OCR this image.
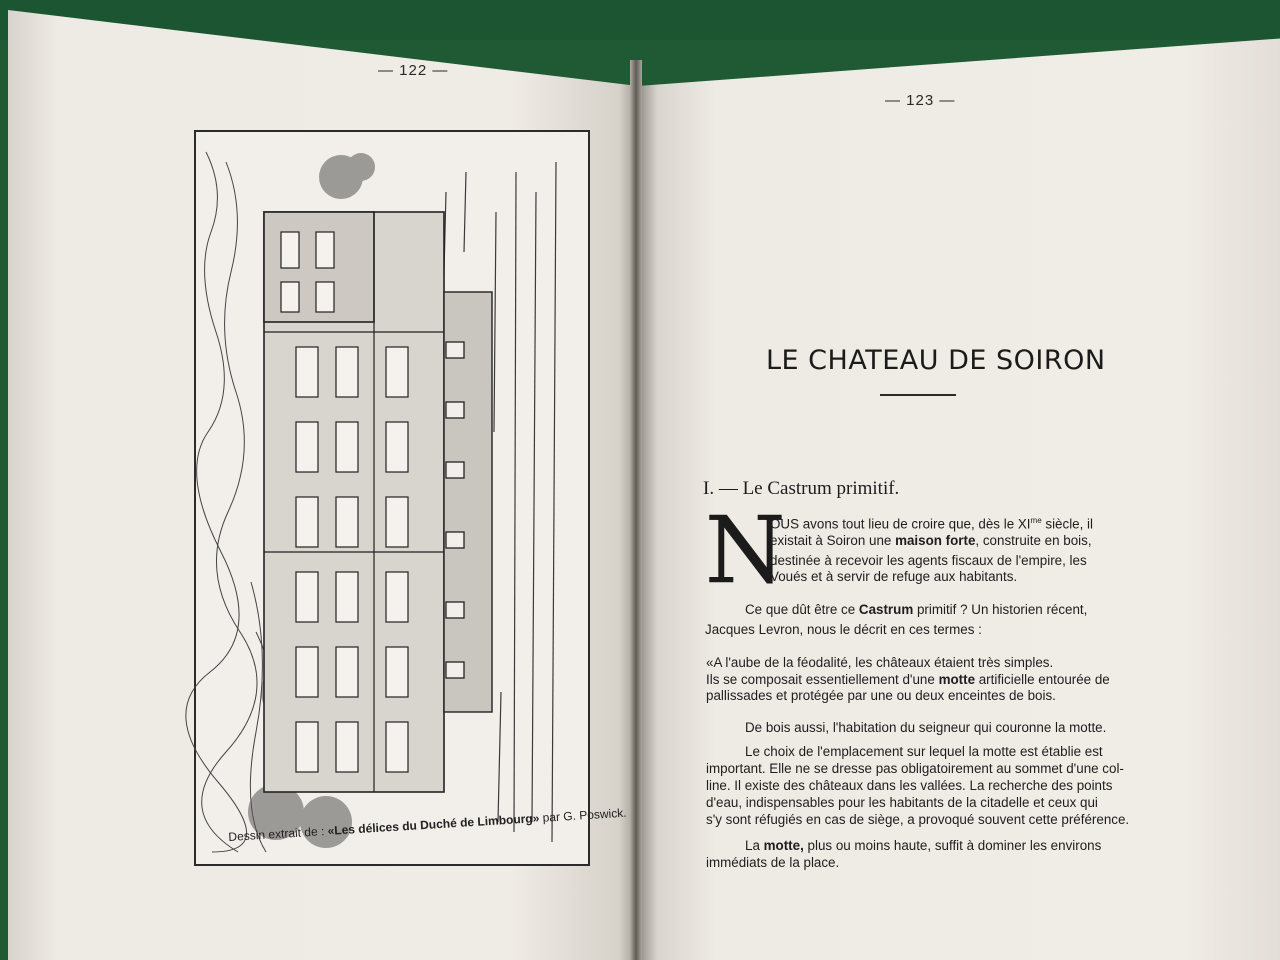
— 122 —
— 123 —
Dessin extrait de : «Les délices du Duché de Limbourg» par G. Poswick.
LE CHATEAU DE SOIRON
I. — Le Castrum primitif.
N
OUS avons tout lieu de croire que, dès le $XI^{me}$ siècle, il
existait à Soiron une maison forte, construite en bois,
destinée à recevoir les agents fiscaux de l'empire, les
Voués et à servir de refuge aux habitants.
Ce que dût être ce Castrum primitif ? Un historien récent,
Jacques Levron, nous le décrit en ces termes :
«A l'aube de la féodalité, les châteaux étaient très simples.
Ils se composait essentiellement d'une motte artificielle entourée de
pallissades et protégée par une ou deux enceintes de bois.
De bois aussi, l'habitation du seigneur qui couronne la motte.
Le choix de l'emplacement sur lequel la motte est établie est
important. Elle ne se dresse pas obligatoirement au sommet d'une col-
line. Il existe des châteaux dans les vallées. La recherche des points
d'eau, indispensables pour les habitants de la citadelle et ceux qui
s'y sont réfugiés en cas de siège, a provoqué souvent cette préférence.
La motte, plus ou moins haute, suffit à dominer les environs
immédiats de la place.
